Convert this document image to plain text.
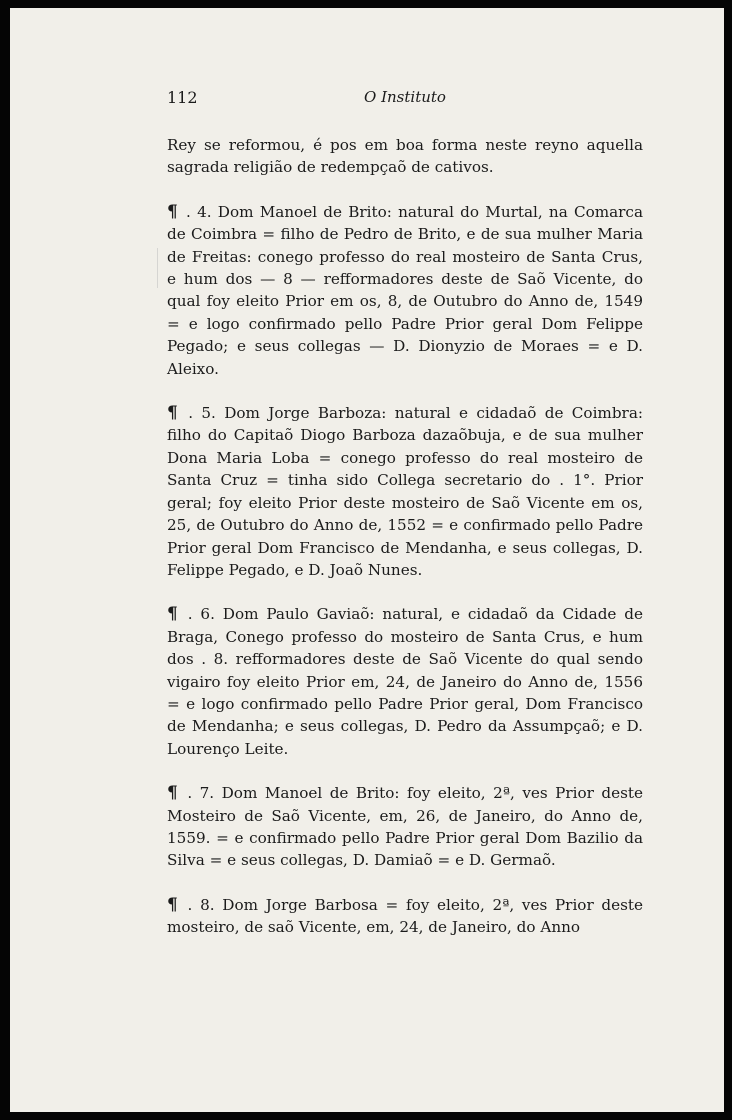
112	O Instituto

Rey se reformou, é pos em boa forma neste reyno aquella sagrada religião de redempçaõ de cativos.

¶ . 4. Dom Manoel de Brito: natural do Murtal, na Comarca de Coimbra = filho de Pedro de Brito, e de sua mulher Maria de Freitas: conego professo do real mosteiro de Santa Crus, e hum dos — 8 — refformadores deste de Saõ Vicente, do qual foy eleito Prior em os, 8, de Outubro do Anno de, 1549 = e logo confirmado pello Padre Prior geral Dom Felippe Pegado; e seus collegas — D. Dionyzio de Moraes = e D. Aleixo.

¶ . 5. Dom Jorge Barboza: natural e cidadaõ de Coimbra: filho do Capitaõ Diogo Barboza dazaõbuja, e de sua mulher Dona Maria Loba = conego professo do real mosteiro de Santa Cruz = tinha sido Collega secretario do . 1°. Prior geral; foy eleito Prior deste mosteiro de Saõ Vicente em os, 25, de Outubro do Anno de, 1552 = e confirmado pello Padre Prior geral Dom Francisco de Mendanha, e seus collegas, D. Felippe Pegado, e D. Joaõ Nunes.

¶ . 6. Dom Paulo Gaviaõ: natural, e cidadaõ da Cidade de Braga, Conego professo do mosteiro de Santa Crus, e hum dos . 8. refformadores deste de Saõ Vicente do qual sendo vigairo foy eleito Prior em, 24, de Janeiro do Anno de, 1556 = e logo confirmado pello Padre Prior geral, Dom Francisco de Mendanha; e seus collegas, D. Pedro da Assumpçaõ; e D. Lourenço Leite.

¶ . 7. Dom Manoel de Brito: foy eleito, 2ª, ves Prior deste Mosteiro de Saõ Vicente, em, 26, de Janeiro, do Anno de, 1559. = e confirmado pello Padre Prior geral Dom Bazilio da Silva = e seus collegas, D. Damiaõ = e D. Germaõ.

¶ . 8. Dom Jorge Barbosa = foy eleito, 2ª, ves Prior deste mosteiro, de saõ Vicente, em, 24, de Janeiro, do Anno
